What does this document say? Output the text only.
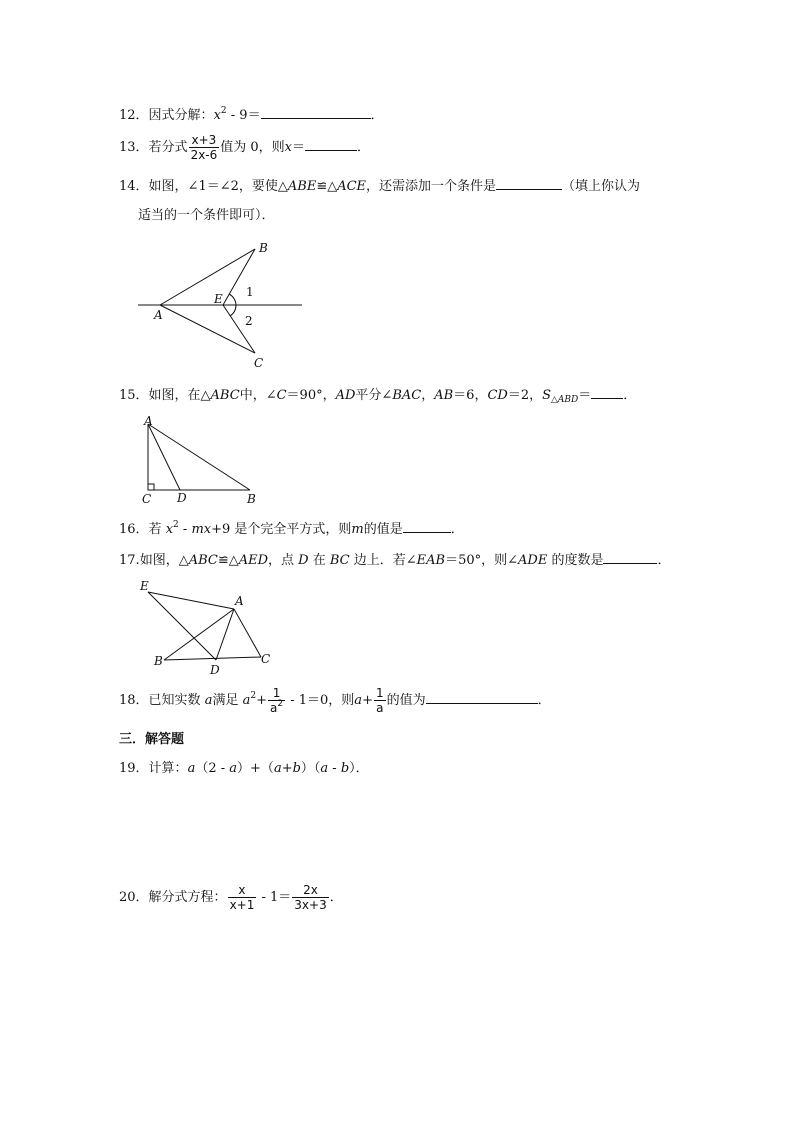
12．因式分解：$x^2 - 9=$	．
13．若分式 $\frac{x+3}{2x-6}$ 值为 0，则x＝	．
14．如图，∠1＝∠2，要使△ABE≌△ACE，还需添加一个条件是	（填上你认为
适当的一个条件即可）．
B
A
C
E 1
2
15．如图，在△ABC中，∠C＝90°，AD平分∠BAC，AB＝6，CD＝2，$S_{\triangle ABD}=$ ．
A
C D	B
16．若 $x^2 - mx+9$ 是个完全平方式，则m的值是	．
17.如图，△ABC≌△AED，点 D 在 BC 边上．若∠EAB＝50°，则∠ADE 的度数是	．
E
A
B
D
C
18．已知实数 a满足 $a^2+ \frac{1}{a^2} - 1=0$，则$a+ \frac{1}{a}$ 的值为	．
三．解答题
19．计算：a（2 - a）+（a+b）（a - b）．
20．解分式方程： $\frac{x}{x+1} - 1= \frac{2x}{3x+3}$ ．
